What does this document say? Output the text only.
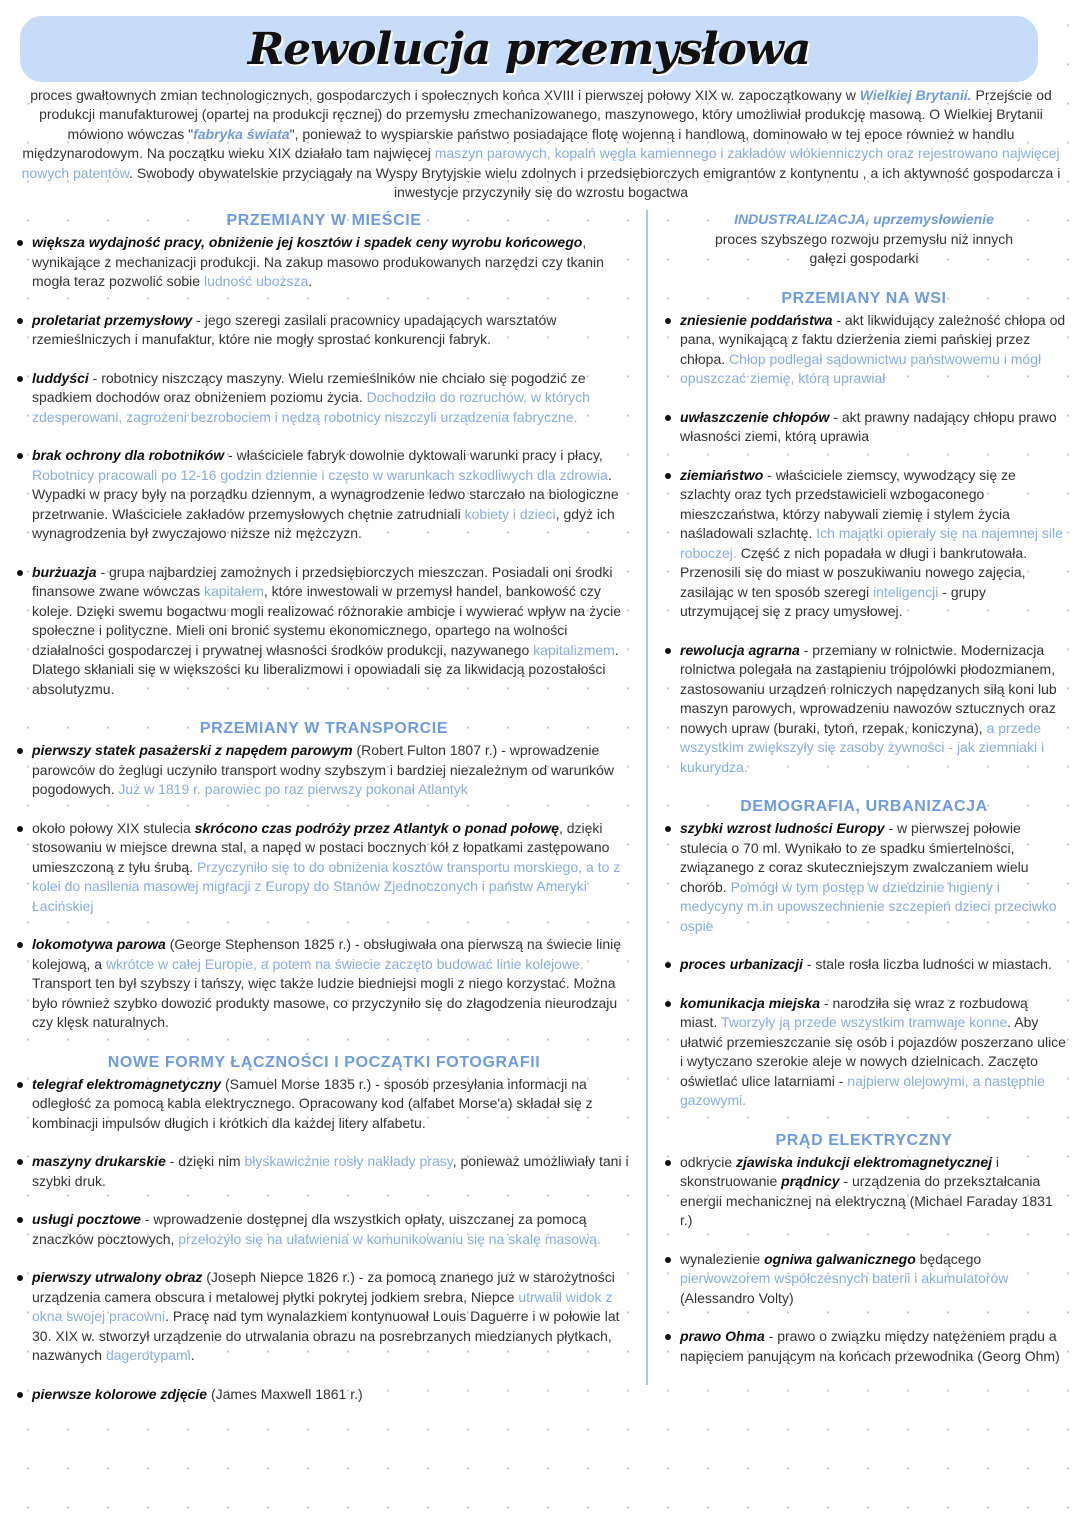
Rewolucja przemysłowa
proces gwałtownych zmian technologicznych, gospodarczych i społecznych końca XVIII i pierwszej połowy XIX w. zapoczątkowany w Wielkiej Brytanii. Przejście od produkcji manufakturowej (opartej na produkcji ręcznej) do przemysłu zmechanizowanego, maszynowego, który umożliwiał produkcję masową. O Wielkiej Brytanii mówiono wówczas "fabryka świata", ponieważ to wyspiarskie państwo posiadające flotę wojenną i handlową, dominowało w tej epoce również w handlu międzynarodowym. Na początku wieku XIX działało tam najwięcej maszyn parowych, kopalń węgla kamiennego i zakładów włókienniczych oraz rejestrowano najwięcej nowych patentów. Swobody obywatelskie przyciągały na Wyspy Brytyjskie wielu zdolnych i przedsiębiorczych emigrantów z kontynentu , a ich aktywność gospodarcza i inwestycje przyczyniły się do wzrostu bogactwa
PRZEMIANY W MIEŚCIE
większa wydajność pracy, obniżenie jej kosztów i spadek ceny wyrobu końcowego, wynikające z mechanizacji produkcji. Na zakup masowo produkowanych narzędzi czy tkanin mogła teraz pozwolić sobie ludność uboższa.
proletariat przemysłowy - jego szeregi zasilali pracownicy upadających warsztatów rzemieślniczych i manufaktur, które nie mogły sprostać konkurencji fabryk.
luddyści - robotnicy niszczący maszyny. Wielu rzemieślników nie chciało się pogodzić ze spadkiem dochodów oraz obniżeniem poziomu życia. Dochodziło do rozruchów, w których zdesperowani, zagrożeni bezrobociem i nędzą robotnicy niszczyli urządzenia fabryczne.
brak ochrony dla robotników - właściciele fabryk dowolnie dyktowali warunki pracy i płacy, Robotnicy pracowali po 12-16 godzin dziennie i często w warunkach szkodliwych dla zdrowia. Wypadki w pracy były na porządku dziennym, a wynagrodzenie ledwo starczało na biologiczne przetrwanie. Właściciele zakładów przemysłowych chętnie zatrudniali kobiety i dzieci, gdyż ich wynagrodzenia był zwyczajowo niższe niż mężczyzn.
burżuazja - grupa najbardziej zamożnych i przedsiębiorczych mieszczan. Posiadali oni środki finansowe zwane wówczas kapitałem, które inwestowali w przemysł handel, bankowość czy koleje. Dzięki swemu bogactwu mogli realizować różnorakie ambicje i wywierać wpływ na życie społeczne i polityczne. Mieli oni bronić systemu ekonomicznego, opartego na wolności działalności gospodarczej i prywatnej własności środków produkcji, nazywanego kapitalizmem. Dlatego skłaniali się w większości ku liberalizmowi i opowiadali się za likwidacją pozostałości absolutyzmu.
PRZEMIANY W TRANSPORCIE
pierwszy statek pasażerski z napędem parowym (Robert Fulton 1807 r.) - wprowadzenie parowców do żeglugi uczyniło transport wodny szybszym i bardziej niezależnym od warunków pogodowych. Już w 1819 r. parowiec po raz pierwszy pokonał Atlantyk
około połowy XIX stulecia skrócono czas podróży przez Atlantyk o ponad połowę, dzięki stosowaniu w miejsce drewna stal, a napęd w postaci bocznych kół z łopatkami zastępowano umieszczoną z tyłu śrubą. Przyczyniło się to do obniżenia kosztów transportu morskiego, a to z kolei do nasilenia masowej migracji z Europy do Stanów Zjednoczonych i państw Ameryki Łacińskiej
lokomotywa parowa (George Stephenson 1825 r.) - obsługiwała ona pierwszą na świecie linię kolejową, a wkrótce w całej Europie, a potem na świecie zaczęto budować linie kolejowe. Transport ten był szybszy i tańszy, więc także ludzie biedniejsi mogli z niego korzystać. Można było również szybko dowozić produkty masowe, co przyczyniło się do złagodzenia nieurodzaju czy klęsk naturalnych.
NOWE FORMY ŁĄCZNOŚCI I POCZĄTKI FOTOGRAFII
telegraf elektromagnetyczny (Samuel Morse 1835 r.) - sposób przesyłania informacji na odległość za pomocą kabla elektrycznego. Opracowany kod (alfabet Morse'a) składał się z kombinacji impulsów długich i krótkich dla każdej litery alfabetu.
maszyny drukarskie - dzięki nim błyskawicznie rosły nakłady prasy, ponieważ umożliwiały tani i szybki druk.
usługi pocztowe - wprowadzenie dostępnej dla wszystkich opłaty, uiszczanej za pomocą znaczków pocztowych, przełożyło się na ułatwienia w komunikowaniu się na skalę masową.
pierwszy utrwalony obraz (Joseph Niepce 1826 r.) - za pomocą znanego już w starożytności urządzenia camera obscura i metalowej płytki pokrytej jodkiem srebra, Niepce utrwalił widok z okna swojej pracowni. Pracę nad tym wynalazkiem kontynuował Louis Daguerre i w połowie lat 30. XIX w. stworzył urządzenie do utrwalania obrazu na posrebrzanych miedzianych płytkach, nazwanych dagerotypami.
pierwsze kolorowe zdjęcie (James Maxwell 1861 r.)
INDUSTRALIZACJA, uprzemysłowienie
proces szybszego rozwoju przemysłu niż innych gałęzi gospodarki
PRZEMIANY NA WSI
zniesienie poddaństwa - akt likwidujący zależność chłopa od pana, wynikającą z faktu dzierżenia ziemi pańskiej przez chłopa. Chłop podlegał sądownictwu państwowemu i mógł opuszczać ziemię, którą uprawiał
uwłaszczenie chłopów - akt prawny nadający chłopu prawo własności ziemi, którą uprawia
ziemiaństwo - właściciele ziemscy, wywodzący się ze szlachty oraz tych przedstawicieli wzbogaconego mieszczaństwa, którzy nabywali ziemię i stylem życia naśladowali szlachtę. Ich majątki opierały się na najemnej sile roboczej. Część z nich popadała w długi i bankrutowała. Przenosili się do miast w poszukiwaniu nowego zajęcia, zasilając w ten sposób szeregi inteligencji - grupy utrzymującej się z pracy umysłowej.
rewolucja agrarna - przemiany w rolnictwie. Modernizacja rolnictwa polegała na zastąpieniu trójpolówki płodozmianem, zastosowaniu urządzeń rolniczych napędzanych siłą koni lub maszyn parowych, wprowadzeniu nawozów sztucznych oraz nowych upraw (buraki, tytoń, rzepak, koniczyna), a przede wszystkim zwiększyły się zasoby żywności - jak ziemniaki i kukurydza.
DEMOGRAFIA, URBANIZACJA
szybki wzrost ludności Europy - w pierwszej połowie stulecia o 70 ml. Wynikało to ze spadku śmiertelności, związanego z coraz skuteczniejszym zwalczaniem wielu chorób. Pomógł w tym postęp w dziedzinie higieny i medycyny m.in upowszechnienie szczepień dzieci przeciwko ospie
proces urbanizacji - stale rosła liczba ludności w miastach.
komunikacja miejska - narodziła się wraz z rozbudową miast. Tworzyły ją przede wszystkim tramwaje konne. Aby ułatwić przemieszczanie się osób i pojazdów poszerzano ulice i wytyczano szerokie aleje w nowych dzielnicach. Zaczęto oświetlać ulice latarniami - najpierw olejowymi, a następnie gazowymi.
PRĄD ELEKTRYCZNY
odkrycie zjawiska indukcji elektromagnetycznej i skonstruowanie prądnicy - urządzenia do przekształcania energii mechanicznej na elektryczną (Michael Faraday 1831 r.)
wynalezienie ogniwa galwanicznego będącego pierwowzorem współczesnych baterii i akumulatorów (Alessandro Volty)
prawo Ohma - prawo o związku między natężeniem prądu a napięciem panującym na końcach przewodnika (Georg Ohm)
